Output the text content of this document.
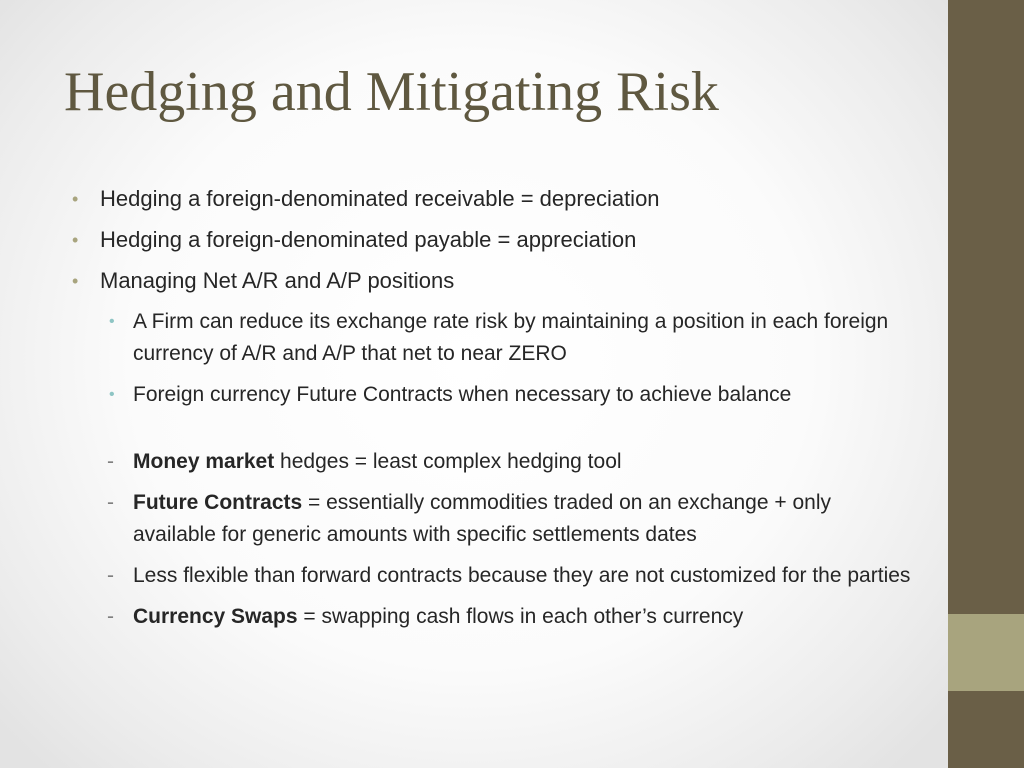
Hedging and Mitigating Risk
• Hedging a foreign-denominated receivable = depreciation
• Hedging a foreign-denominated payable = appreciation
• Managing Net A/R and A/P positions
• A Firm can reduce its exchange rate risk by maintaining a position in each foreign currency of A/R and A/P that net to near ZERO
• Foreign currency Future Contracts when necessary to achieve balance
- Money market hedges = least complex hedging tool
- Future Contracts = essentially commodities traded on an exchange + only available for generic amounts with specific settlements dates
- Less flexible than forward contracts because they are not customized for the parties
- Currency Swaps = swapping cash flows in each other’s currency
